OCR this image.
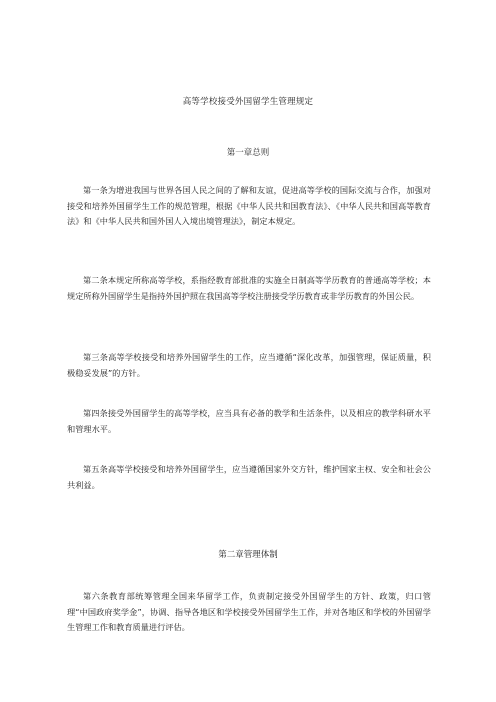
高等学校接受外国留学生管理规定
第一章总则

第一条为增进我国与世界各国人民之间的了解和友谊，促进高等学校的国际交流与合作，加强对接受和培养外国留学生工作的规范管理，根据《中华人民共和国教育法》、《中华人民共和国高等教育法》和《中华人民共和国外国人入境出境管理法》，制定本规定。

第二条本规定所称高等学校，系指经教育部批准的实施全日制高等学历教育的普通高等学校；本规定所称外国留学生是指持外国护照在我国高等学校注册接受学历教育或非学历教育的外国公民。

第三条高等学校接受和培养外国留学生的工作，应当遵循“深化改革，加强管理，保证质量，积极稳妥发展”的方针。

第四条接受外国留学生的高等学校，应当具有必备的教学和生活条件，以及相应的教学科研水平和管理水平。

第五条高等学校接受和培养外国留学生，应当遵循国家外交方针，维护国家主权、安全和社会公共利益。

第二章管理体制

第六条教育部统筹管理全国来华留学工作，负责制定接受外国留学生的方针、政策，归口管理“中国政府奖学金”，协调、指导各地区和学校接受外国留学生工作，并对各地区和学校的外国留学生管理工作和教育质量进行评估。
